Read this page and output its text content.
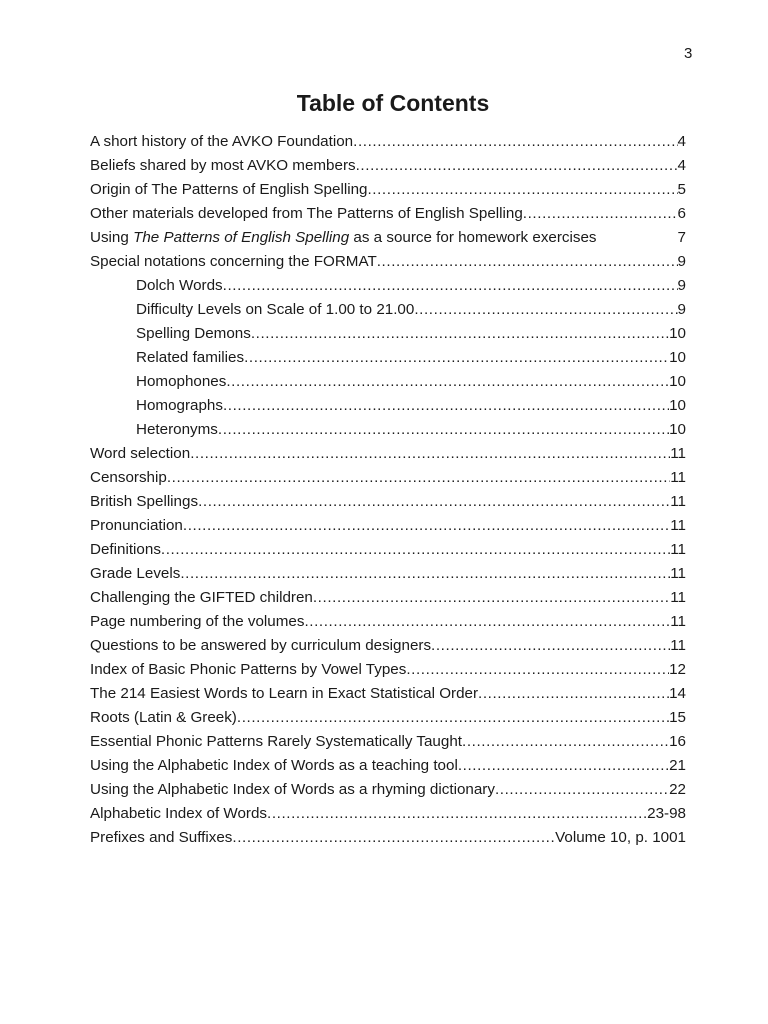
3
Table of Contents
A short history of the AVKO Foundation .....	4
Beliefs shared by most AVKO members .....	4
Origin of The Patterns of English Spelling .....	5
Other materials developed from The Patterns of English Spelling .....	6
Using The Patterns of English Spelling as a source for homework exercises	7
Special notations concerning the FORMAT .....	9
Dolch Words .....	9
Difficulty Levels on Scale of 1.00 to 21.00 .....	9
Spelling Demons .....	10
Related families .....	10
Homophones .....	10
Homographs .....	10
Heteronyms .....	10
Word selection .....	11
Censorship .....	11
British Spellings .....	11
Pronunciation .....	11
Definitions .....	11
Grade Levels .....	11
Challenging the GIFTED children .....	11
Page numbering of the volumes .....	11
Questions to be answered by curriculum designers .....	11
Index of Basic Phonic Patterns by Vowel Types .....	12
The 214 Easiest Words to Learn in Exact Statistical Order .....	14
Roots (Latin & Greek) .....	15
Essential Phonic Patterns Rarely Systematically Taught .....	16
Using the Alphabetic Index of Words as a teaching tool .....	21
Using the Alphabetic Index of Words as a rhyming dictionary .....	22
Alphabetic Index of Words .....	23-98
Prefixes and Suffixes .....	Volume 10, p. 1001
